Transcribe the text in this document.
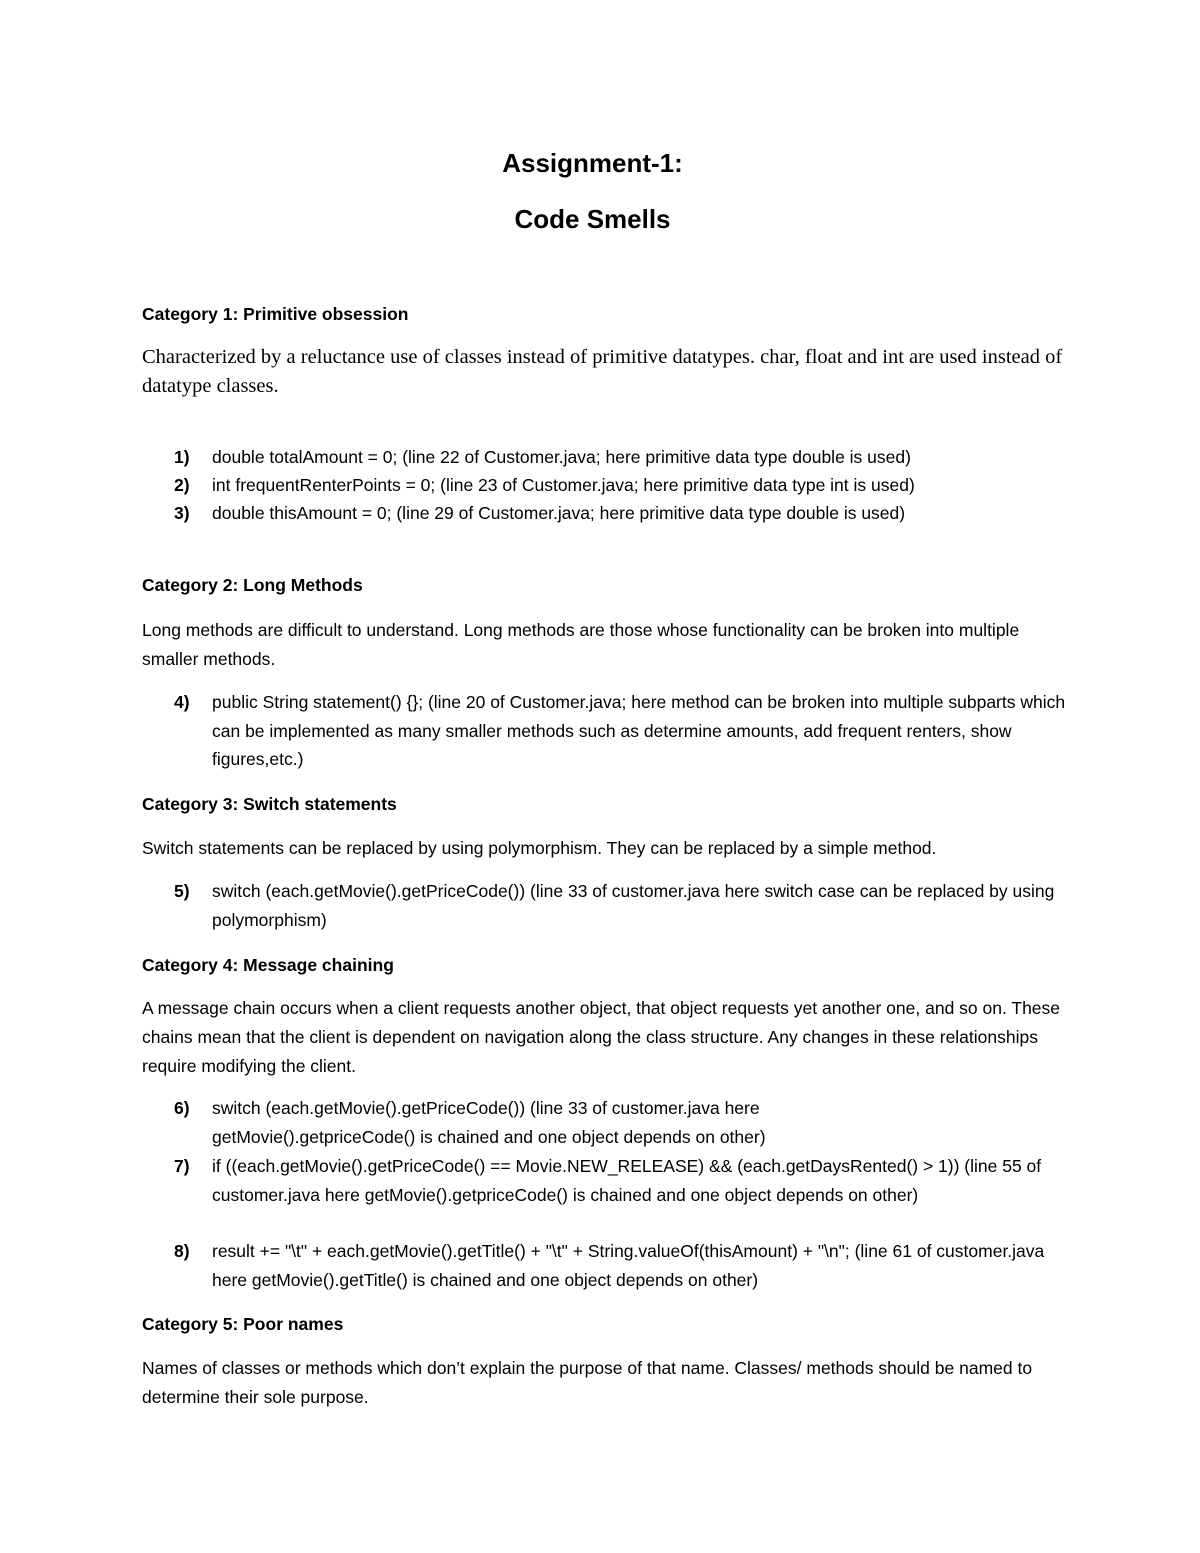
Assignment-1:
Code Smells
Category 1: Primitive obsession
Characterized by a reluctance use of classes instead of primitive datatypes. char, float and int are used instead of datatype classes.
1)	double totalAmount = 0; (line 22 of Customer.java; here primitive data type double is used)
2)	int frequentRenterPoints = 0; (line 23 of Customer.java; here primitive data type int is used)
3)	double thisAmount = 0; (line 29 of Customer.java; here primitive data type double is used)
Category 2: Long Methods
Long methods are difficult to understand. Long methods are those whose functionality can be broken into multiple smaller methods.
4)	public String statement() {}; (line 20 of Customer.java; here method can be broken into multiple subparts which can be implemented as many smaller methods such as determine amounts, add frequent renters, show figures,etc.)
Category 3: Switch statements
Switch statements can be replaced by using polymorphism. They can be replaced by a simple method.
5)	switch (each.getMovie().getPriceCode()) (line 33 of customer.java here switch case can be replaced by using polymorphism)
Category 4: Message chaining
A message chain occurs when a client requests another object, that object requests yet another one, and so on. These chains mean that the client is dependent on navigation along the class structure. Any changes in these relationships require modifying the client.
6)	switch (each.getMovie().getPriceCode()) (line 33 of customer.java here getMovie().getpriceCode() is chained and one object depends on other)
7)	if ((each.getMovie().getPriceCode() == Movie.NEW_RELEASE) && (each.getDaysRented() > 1)) (line 55 of customer.java here getMovie().getpriceCode() is chained and one object depends on other)
8)	result += "\t" + each.getMovie().getTitle() + "\t" + String.valueOf(thisAmount) + "\n"; (line 61 of customer.java here getMovie().getTitle() is chained and one object depends on other)
Category 5: Poor names
Names of classes or methods which don’t explain the purpose of that name. Classes/ methods should be named to determine their sole purpose.
